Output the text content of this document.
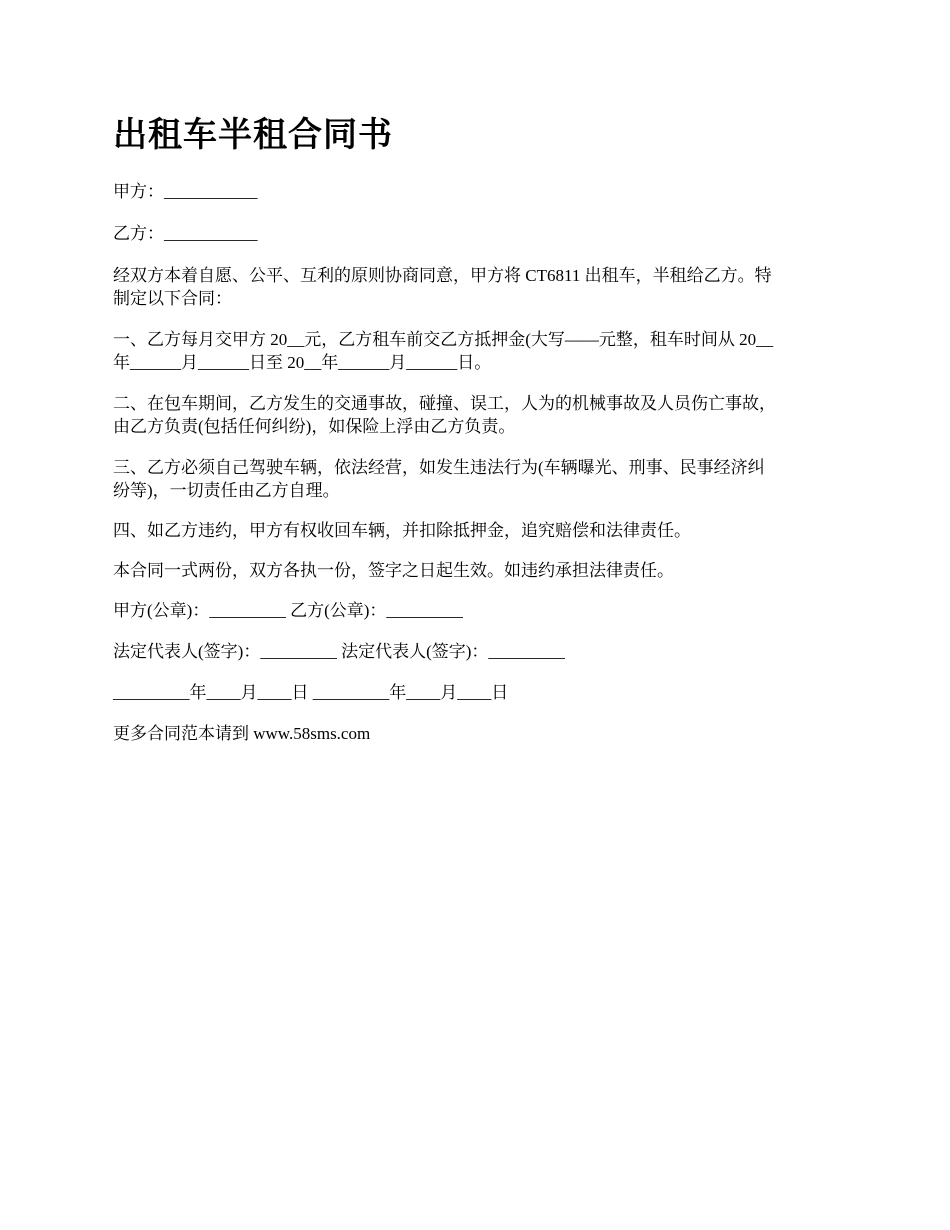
出租车半租合同书

甲方：___________

乙方：___________

经双方本着自愿、公平、互利的原则协商同意，甲方将 CT6811 出租车，半租给乙方。特

制定以下合同：

一、乙方每月交甲方 20__元，乙方租车前交乙方抵押金(大写——元整，租车时间从 20__

年______月______日至 20__年______月______日。

二、在包车期间，乙方发生的交通事故，碰撞、误工，人为的机械事故及人员伤亡事故，

由乙方负责(包括任何纠纷)，如保险上浮由乙方负责。

三、乙方必须自己驾驶车辆，依法经营，如发生违法行为(车辆曝光、刑事、民事经济纠

纷等)，一切责任由乙方自理。

四、如乙方违约，甲方有权收回车辆，并扣除抵押金，追究赔偿和法律责任。

本合同一式两份，双方各执一份，签字之日起生效。如违约承担法律责任。

甲方(公章)：_________ 乙方(公章)：_________

法定代表人(签字)：_________ 法定代表人(签字)：_________

_________年____月____日 _________年____月____日

更多合同范本请到 www.58sms.com
